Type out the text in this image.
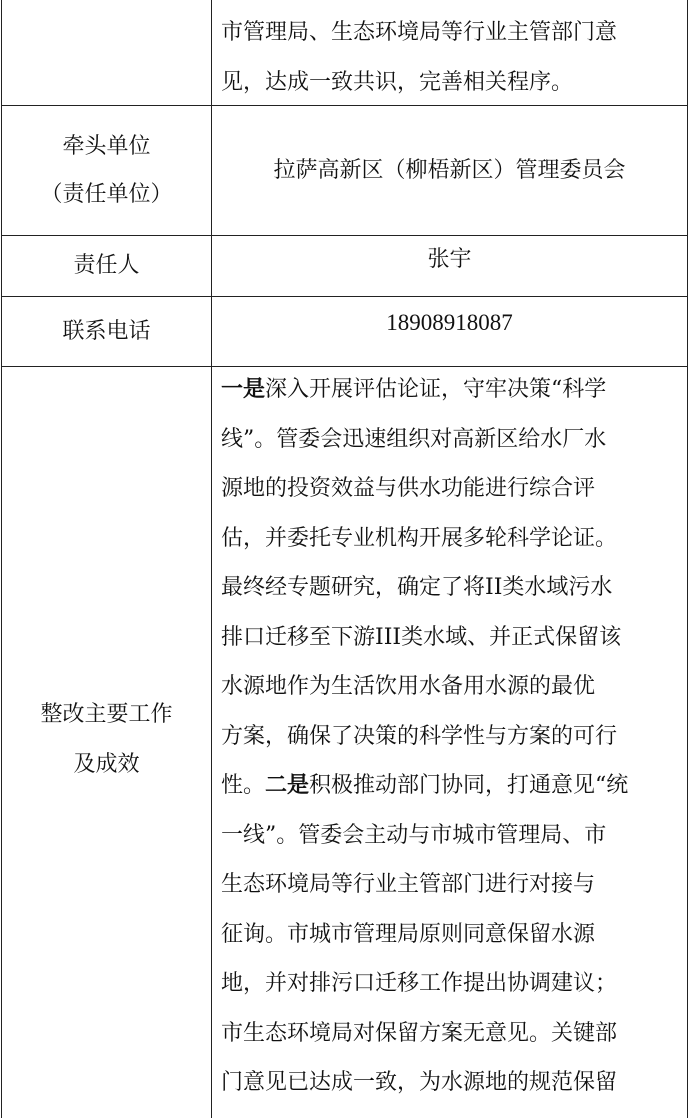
市管理局、生态环境局等行业主管部门意
见，达成一致共识，完善相关程序。
牵头单位
（责任单位）
拉萨高新区（柳梧新区）管理委员会
责任人	张宇
联系电话	18908918087
整改主要工作
及成效
一是深入开展评估论证，守牢决策“科学
线”。管委会迅速组织对高新区给水厂水
源地的投资效益与供水功能进行综合评
估，并委托专业机构开展多轮科学论证。
最终经专题研究，确定了将II类水域污水
排口迁移至下游III类水域、并正式保留该
水源地作为生活饮用水备用水源的最优
方案，确保了决策的科学性与方案的可行
性。二是积极推动部门协同，打通意见“统
一线”。管委会主动与市城市管理局、市
生态环境局等行业主管部门进行对接与
征询。市城市管理局原则同意保留水源
地，并对排污口迁移工作提出协调建议；
市生态环境局对保留方案无意见。关键部
门意见已达成一致，为水源地的规范保留
